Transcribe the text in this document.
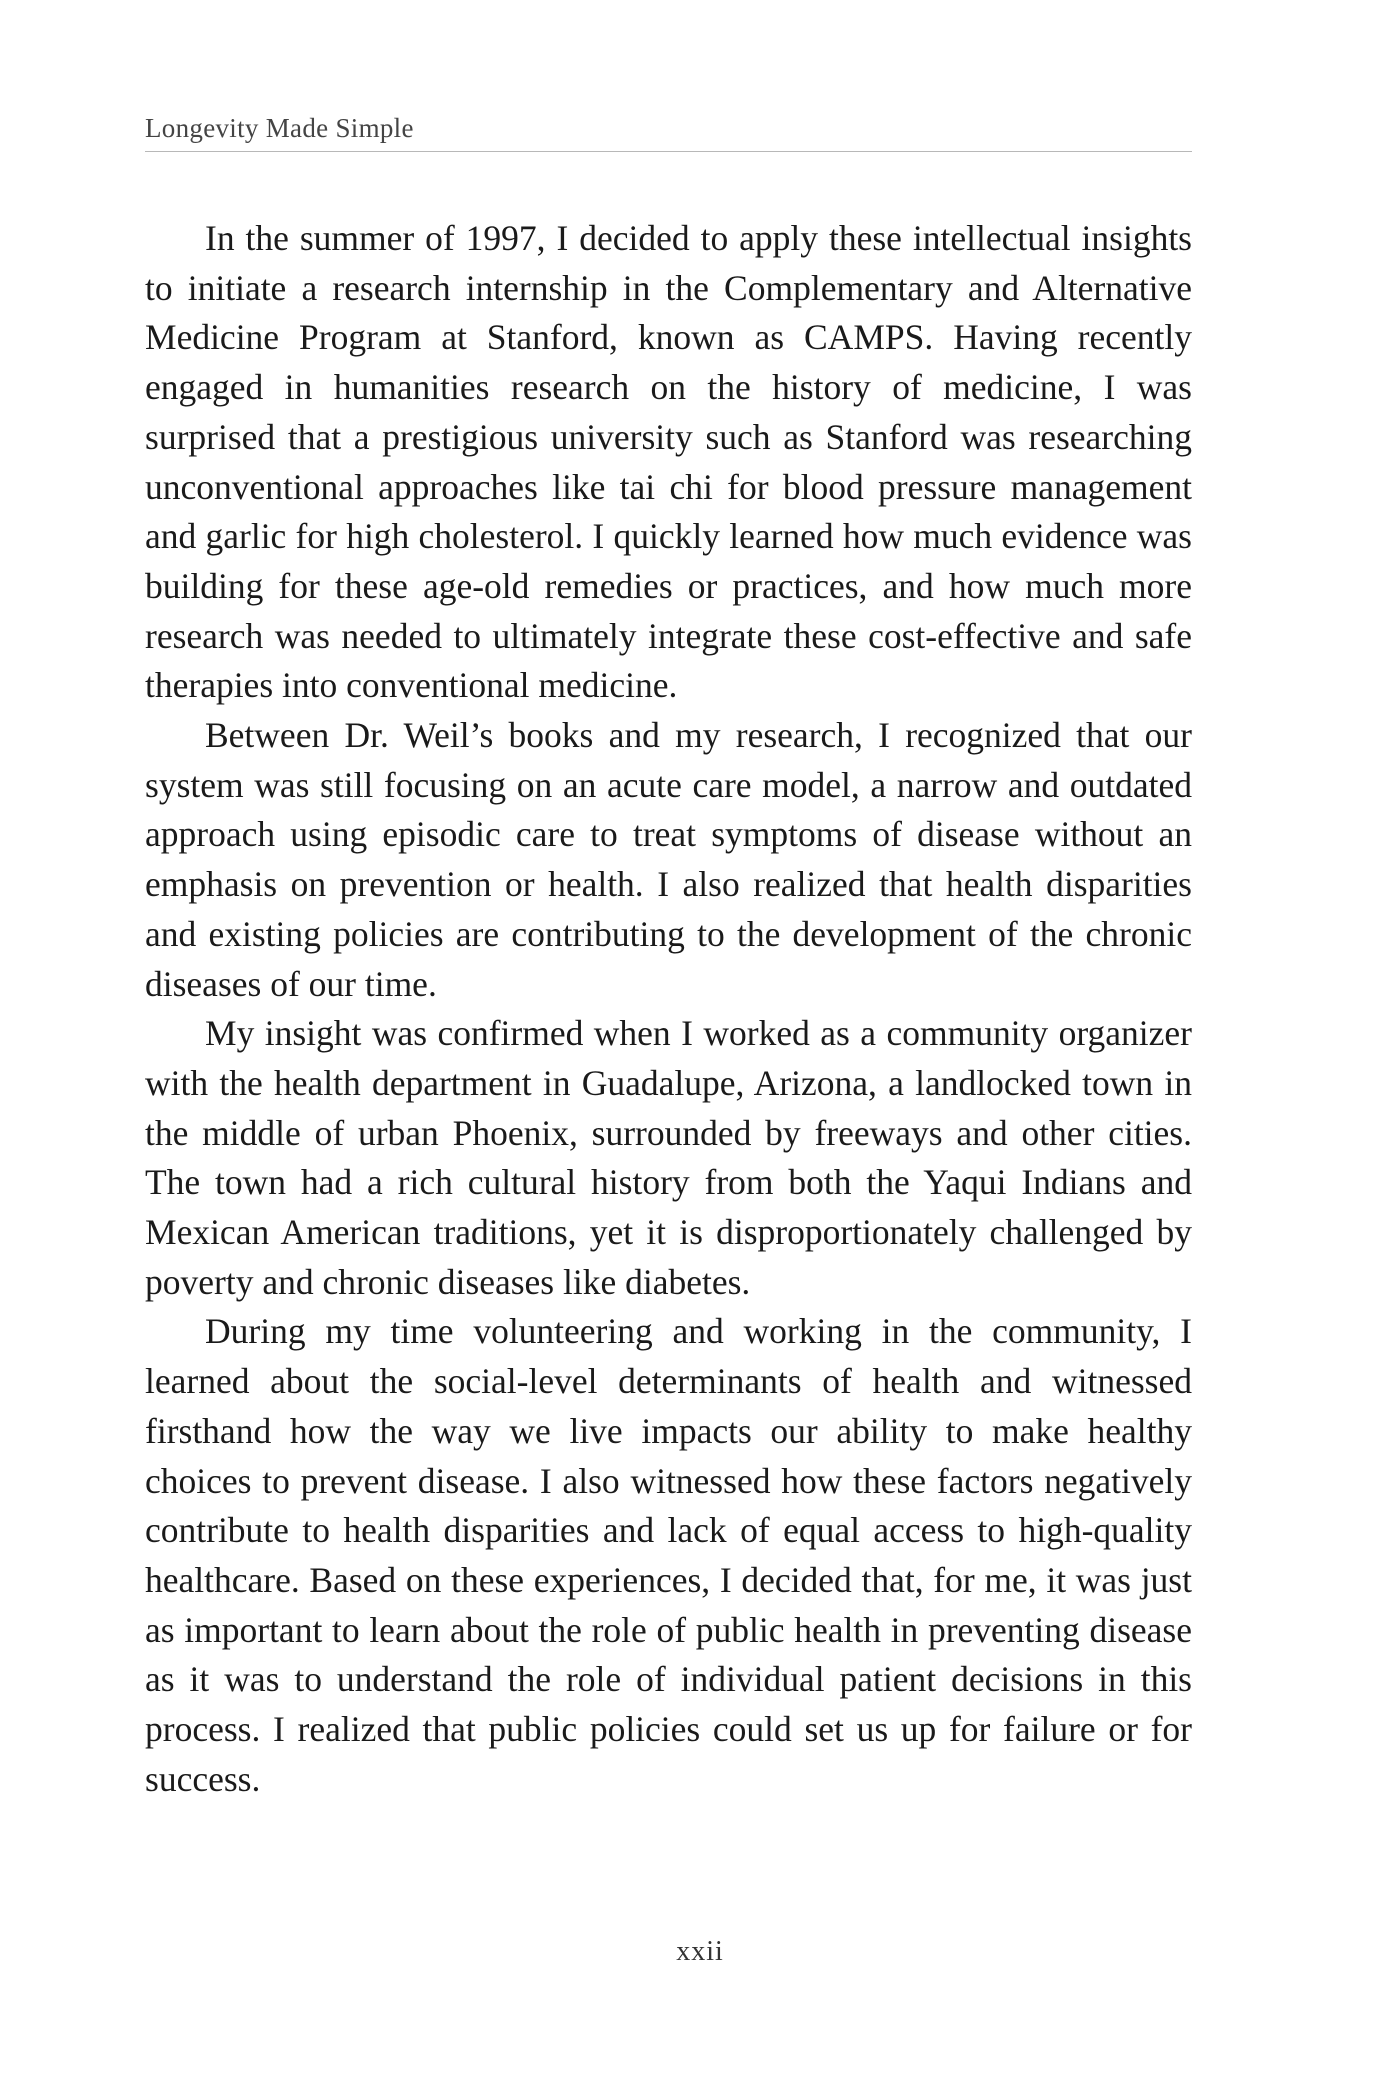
Longevity Made Simple

In the summer of 1997, I decided to apply these intellectual insights to initiate a research internship in the Complementary and Alternative Medicine Program at Stanford, known as CAMPS. Having recently engaged in humanities research on the history of medicine, I was surprised that a prestigious university such as Stanford was researching unconventional approaches like tai chi for blood pressure management and garlic for high cholesterol. I quickly learned how much evidence was building for these age-old remedies or practices, and how much more research was needed to ultimately integrate these cost-effective and safe therapies into conventional medicine.

Between Dr. Weil’s books and my research, I recognized that our system was still focusing on an acute care model, a narrow and outdated approach using episodic care to treat symptoms of disease without an emphasis on prevention or health. I also realized that health disparities and existing policies are contributing to the development of the chronic diseases of our time.

My insight was confirmed when I worked as a community organizer with the health department in Guadalupe, Arizona, a landlocked town in the middle of urban Phoenix, surrounded by freeways and other cities. The town had a rich cultural history from both the Yaqui Indians and Mexican American traditions, yet it is disproportionately challenged by poverty and chronic diseases like diabetes.

During my time volunteering and working in the community, I learned about the social-level determinants of health and witnessed firsthand how the way we live impacts our ability to make healthy choices to prevent disease. I also witnessed how these factors negatively contribute to health disparities and lack of equal access to high-quality healthcare. Based on these experiences, I decided that, for me, it was just as important to learn about the role of public health in preventing disease as it was to understand the role of individual patient decisions in this process. I realized that public policies could set us up for failure or for success.

xxii
